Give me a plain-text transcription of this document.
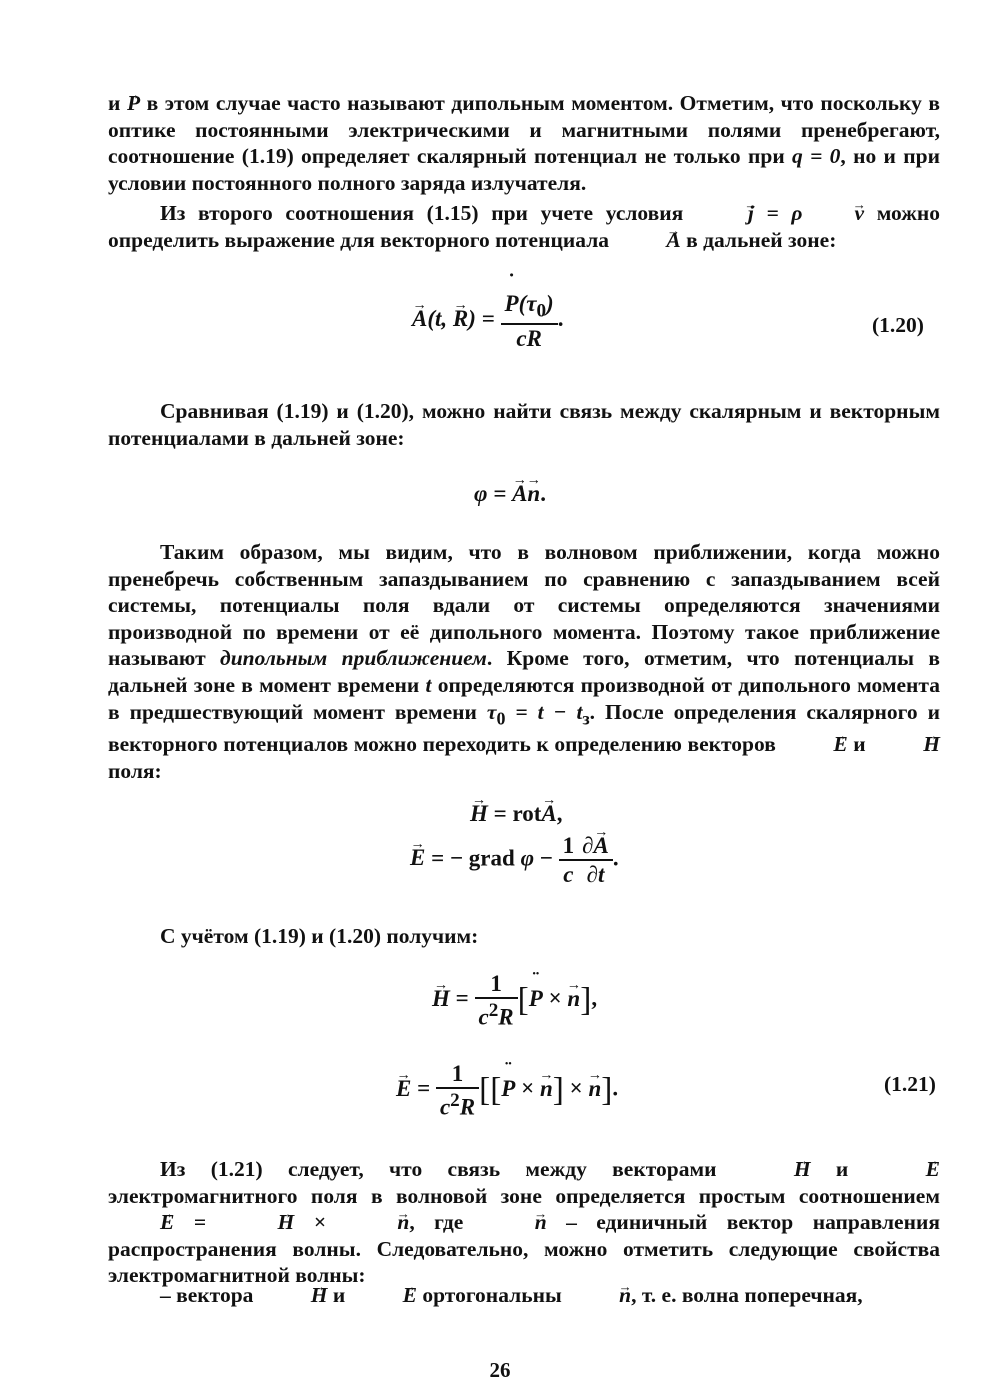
и → P в этом случае часто называют дипольным моментом. Отметим, что поскольку в оптике постоянными электрическими и магнитными полями пренебрегают, соотношение (1.19) определяет скалярный потенциал не только при q = 0, но и при условии постоянного полного заряда излучателя.
Из второго соотношения (1.15) при учете условия → j = ρ → v можно определить выражение для векторного потенциала → A в дальней зоне:
→ A(t, → $R) = \frac{P ˙(\tau_0)}{cR}$ .	(1.20)
Сравнивая (1.19) и (1.20), можно найти связь между скалярным и векторным потенциалами в дальней зоне:
φ = → A→ n.
Таким образом, мы видим, что в волновом приближении, когда можно пренебречь собственным запаздыванием по сравнению с запаздыванием всей системы, потенциалы поля вдали от системы определяются значениями производной по времени от её дипольного момента. Поэтому такое приближение называют дипольным приближением. Кроме того, отметим, что потенциалы в дальней зоне в момент времени t определяются производной от дипольного момента в предшествующий момент времени $\tau_0 = t - t_з$. После определения скалярного и векторного потенциалов можно переходить к определению векторов → E и → H поля:
→ H = rot→ A,
→ E = − grad $\varphi - \frac{1}{c} \frac{\partial\to A}{\partial t}$ .
С учётом (1.19) и (1.20) получим:
→ $H = \frac{1}{c^2R} [P$ ¨ × → n],
→ $E = \frac{1}{c^2R} [[P$ ¨ × → n] × → n].	(1.21)
Из (1.21) следует, что связь между векторами → H и → E электромагнитного поля в волновой зоне определяется простым соотношением → E = → H × → n, где → n – единичный вектор направления распространения волны. Следовательно, можно отметить следующие свойства электромагнитной волны:
– вектора → H и → E ортогональны → n, т. е. волна поперечная,
26
